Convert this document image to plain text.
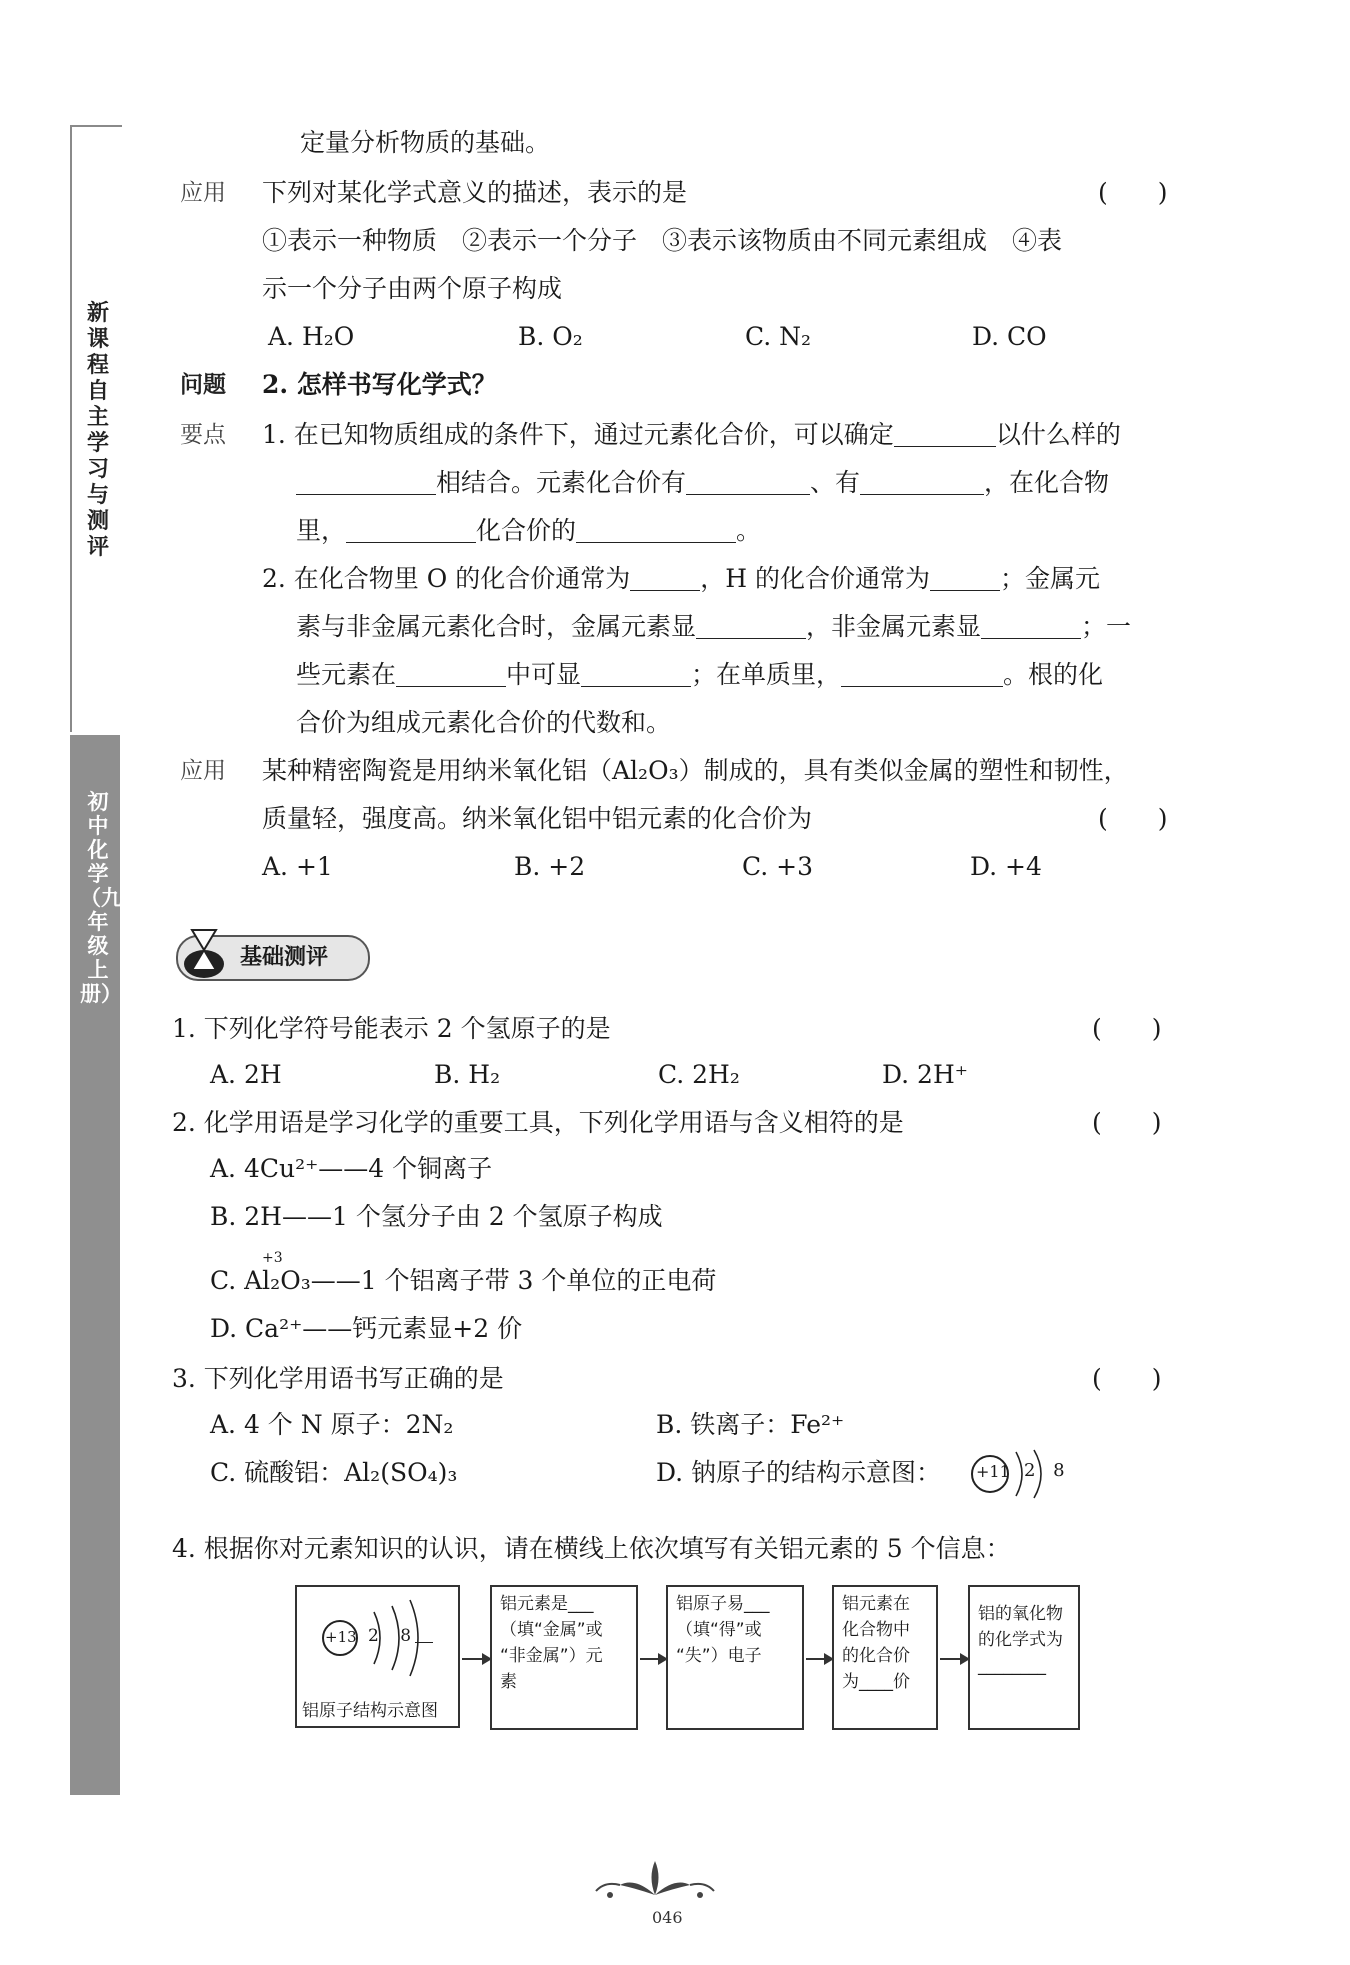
新课程自主学习与测评
初中化学（九年级上册）
定量分析物质的基础。
应用 下列对某化学式意义的描述，表示的是	(　　)
①表示一种物质　②表示一个分子　③表示该物质由不同元素组成　④表
示一个分子由两个原子构成
A. H₂O	B. O₂	C. N₂	D. CO
问题 2. 怎样书写化学式？
要点 1. 在已知物质组成的条件下，通过元素化合价，可以确定	以什么样的
相结合。元素化合价有	、有	，在化合物
里，	化合价的	。
2. 在化合物里 O 的化合价通常为	，H 的化合价通常为	；金属元
素与非金属元素化合时，金属元素显	，非金属元素显	；一
些元素在	中可显	；在单质里，	。根的化
合价为组成元素化合价的代数和。
应用 某种精密陶瓷是用纳米氧化铝（Al₂O₃）制成的，具有类似金属的塑性和韧性，
质量轻，强度高。纳米氧化铝中铝元素的化合价为	(　　)
A. +1	B. +2	C. +3	D. +4
基础测评
1. 下列化学符号能表示 2 个氢原子的是	(　　)
A. 2H	B. H₂	C. 2H₂	D. 2H⁺
2. 化学用语是学习化学的重要工具，下列化学用语与含义相符的是	(　　)
A. 4Cu²⁺——4 个铜离子
B. 2H——1 个氢分子由 2 个氢原子构成
+3
C. Al₂O₃——1 个铝离子带 3 个单位的正电荷
D. Ca²⁺——钙元素显+2 价
3. 下列化学用语书写正确的是	(　　)
A. 4 个 N 原子：2N₂	B. 铁离子：Fe²⁺
C. 硫酸铝：Al₂(SO₄)₃	D. 钠原子的结构示意图： +11 2 8
4. 根据你对元素知识的认识，请在横线上依次填写有关铝元素的 5 个信息：
+13 2 8
铝原子结构示意图
铝元素是___
（填“金属”或
“非金属”）元
素
铝原子易___
（填“得”或
“失”）电子
铝元素在
化合物中
的化合价
为____价
铝的氧化物
的化学式为
________
046
